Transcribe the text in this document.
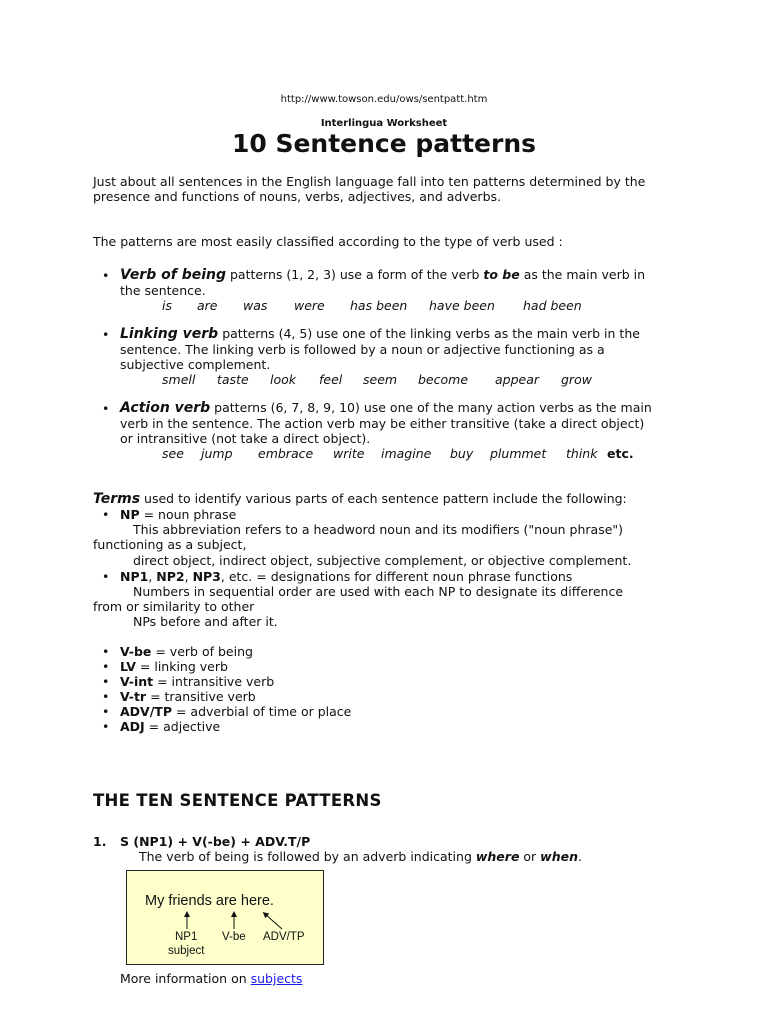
http://www.towson.edu/ows/sentpatt.htm
Interlingua Worksheet
10 Sentence patterns
Just about all sentences in the English language fall into ten patterns determined by the
presence and functions of nouns, verbs, adjectives, and adverbs.
The patterns are most easily classified according to the type of verb used :
• Verb of being patterns (1, 2, 3) use a form of the verb to be as the main verb in
the sentence.
is are was were has been have been had been
• Linking verb patterns (4, 5) use one of the linking verbs as the main verb in the
sentence. The linking verb is followed by a noun or adjective functioning as a
subjective complement.
smell taste look feel seem become appear grow
• Action verb patterns (6, 7, 8, 9, 10) use one of the many action verbs as the main
verb in the sentence. The action verb may be either transitive (take a direct object)
or intransitive (not take a direct object).
see jump embrace write imagine buy plummet think etc.
Terms used to identify various parts of each sentence pattern include the following:
• NP = noun phrase
This abbreviation refers to a headword noun and its modifiers ("noun phrase")
functioning as a subject,
direct object, indirect object, subjective complement, or objective complement.
• NP1, NP2, NP3, etc. = designations for different noun phrase functions
Numbers in sequential order are used with each NP to designate its difference
from or similarity to other
NPs before and after it.
• V-be = verb of being
• LV = linking verb
• V-int = intransitive verb
• V-tr = transitive verb
• ADV/TP = adverbial of time or place
• ADJ = adjective
THE TEN SENTENCE PATTERNS
1. S (NP1) + V(-be) + ADV.T/P
The verb of being is followed by an adverb indicating where or when.
My friends are here.
NP1
subject
V-be ADV/TP
More information on subjects
